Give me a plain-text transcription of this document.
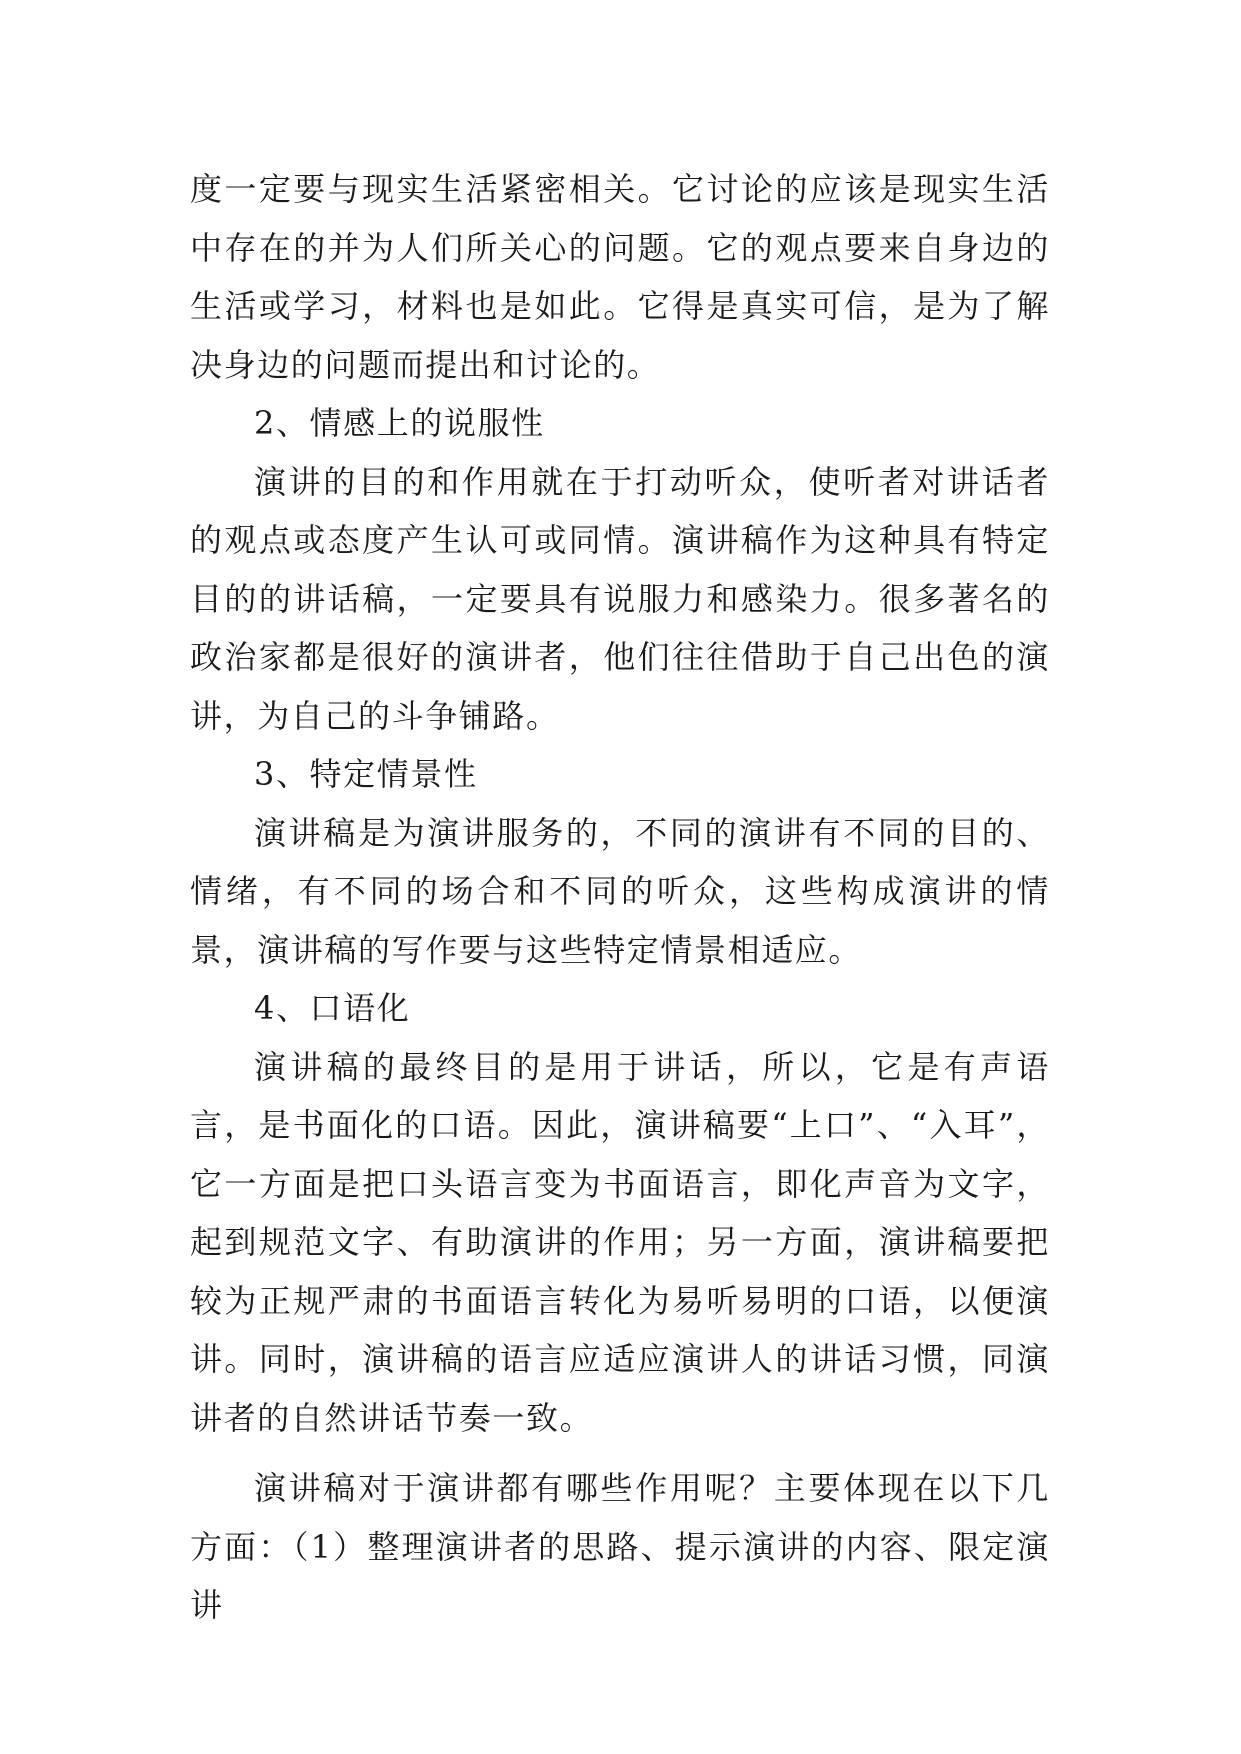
度一定要与现实生活紧密相关。它讨论的应该是现实生活中存在的并为人们所关心的问题。它的观点要来自身边的生活或学习，材料也是如此。它得是真实可信，是为了解决身边的问题而提出和讨论的。

2、情感上的说服性

演讲的目的和作用就在于打动听众，使听者对讲话者的观点或态度产生认可或同情。演讲稿作为这种具有特定目的的讲话稿，一定要具有说服力和感染力。很多著名的政治家都是很好的演讲者，他们往往借助于自己出色的演讲，为自己的斗争铺路。

3、特定情景性

演讲稿是为演讲服务的，不同的演讲有不同的目的、情绪，有不同的场合和不同的听众，这些构成演讲的情景，演讲稿的写作要与这些特定情景相适应。

4、口语化

演讲稿的最终目的是用于讲话，所以，它是有声语言，是书面化的口语。因此，演讲稿要“上口”、“入耳”，它一方面是把口头语言变为书面语言，即化声音为文字，起到规范文字、有助演讲的作用；另一方面，演讲稿要把较为正规严肃的书面语言转化为易听易明的口语，以便演讲。同时，演讲稿的语言应适应演讲人的讲话习惯，同演讲者的自然讲话节奏一致。

演讲稿对于演讲都有哪些作用呢？主要体现在以下几方面：（1）整理演讲者的思路、提示演讲的内容、限定演讲
